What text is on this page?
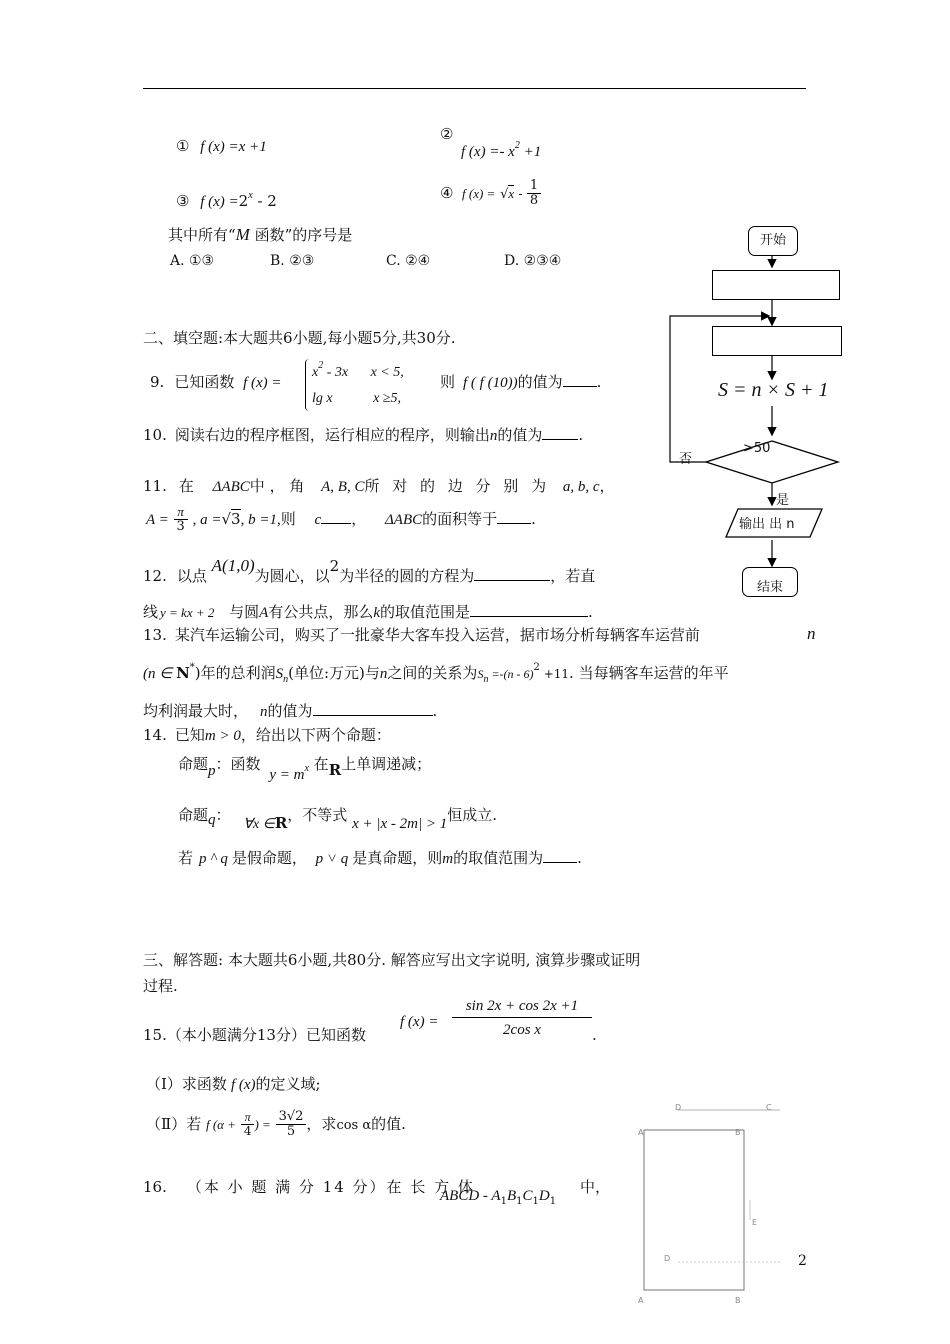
① f (x) =x +1
②
f $(x) =- x^2 +1$
③ f $(x) =2^x - 2$	④ f $(x) = √x - \frac{1}{8}$
其中所有“M 函数”的序号是
A. ①③	B. ②③	C. ②④	D. ②③④
二、填空题:本大题共6小题,每小题5分,共30分.
9. 已知函数 f (x) =
$x^2 - 3x$ x < 5,
lg x	x ≥5,
则 f ( f (10))的值为 .
10. 阅读右边的程序框图，运行相应的程序，则输出n的值为 .
11. 在 ΔABC中 ， 角 A, B, C所 对 的 边 分 别 为 a, b, c，
$A = \frac{\pi}{3}$ , a =√3, b =1,则 c ， ΔABC的面积等于 .
12. 以点 A(1,0)为圆心，以2为半径的圆的方程为	，若直
线 y = kx + 2 与圆A有公共点，那么k的取值范围是	.
13. 某汽车运输公司，购买了一批豪华大客车投入运营，据市场分析每辆客车运营前	n
(n ∈ N*)年的总利润$S_n$(单位:万元)与n之间的关系为$S_n =-(n - 6)^2 +11$. 当每辆客车运营的年平
均利润最大时， n的值为	.
14. 已知m > 0，给出以下两个命题：
命题p：函数 $y = m^x$ 在R上单调递减；
命题q： ∀x ∈R，不等式 x + |x - 2m| > 1恒成立.
若 p ^ q 是假命题， p ˅ q 是真命题，则m的取值范围为 .
三、解答题: 本大题共6小题,共80分. 解答应写出文字说明, 演算步骤或证明
过程.
15.（本小题满分13分）已知函数
f (x) =
sin 2x + cos 2x +1
2cos x	.
（Ⅰ）求函数 f (x)的定义域;
（Ⅱ）若 f ($\alpha + \frac{\pi}{4}$ ) = $\frac{3√2}{5}$ ，求cos α的值.
16. （本 小 题 满 分 14 分）在 长 方 体
ABCD - $A_1B_1C_1D_1$
中，
开始
S = n × S + 1
>50
否
是
输出 出 n
结束
D	C
A	B
E
D
A	B
2
